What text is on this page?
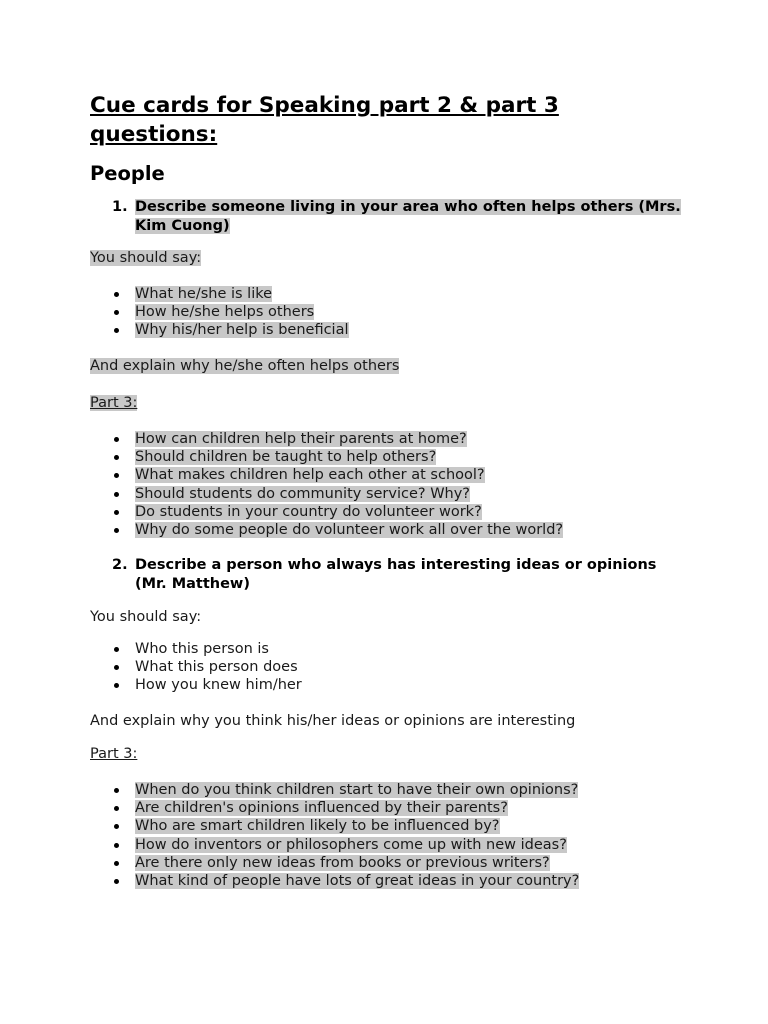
Cue cards for Speaking part 2 & part 3 questions:
People
1. Describe someone living in your area who often helps others (Mrs. Kim Cuong)
You should say:
What he/she is like
How he/she helps others
Why his/her help is beneficial
And explain why he/she often helps others
Part 3:
How can children help their parents at home?
Should children be taught to help others?
What makes children help each other at school?
Should students do community service? Why?
Do students in your country do volunteer work?
Why do some people do volunteer work all over the world?
2. Describe a person who always has interesting ideas or opinions (Mr. Matthew)
You should say:
Who this person is
What this person does
How you knew him/her
And explain why you think his/her ideas or opinions are interesting
Part 3:
When do you think children start to have their own opinions?
Are children's opinions influenced by their parents?
Who are smart children likely to be influenced by?
How do inventors or philosophers come up with new ideas?
Are there only new ideas from books or previous writers?
What kind of people have lots of great ideas in your country?
